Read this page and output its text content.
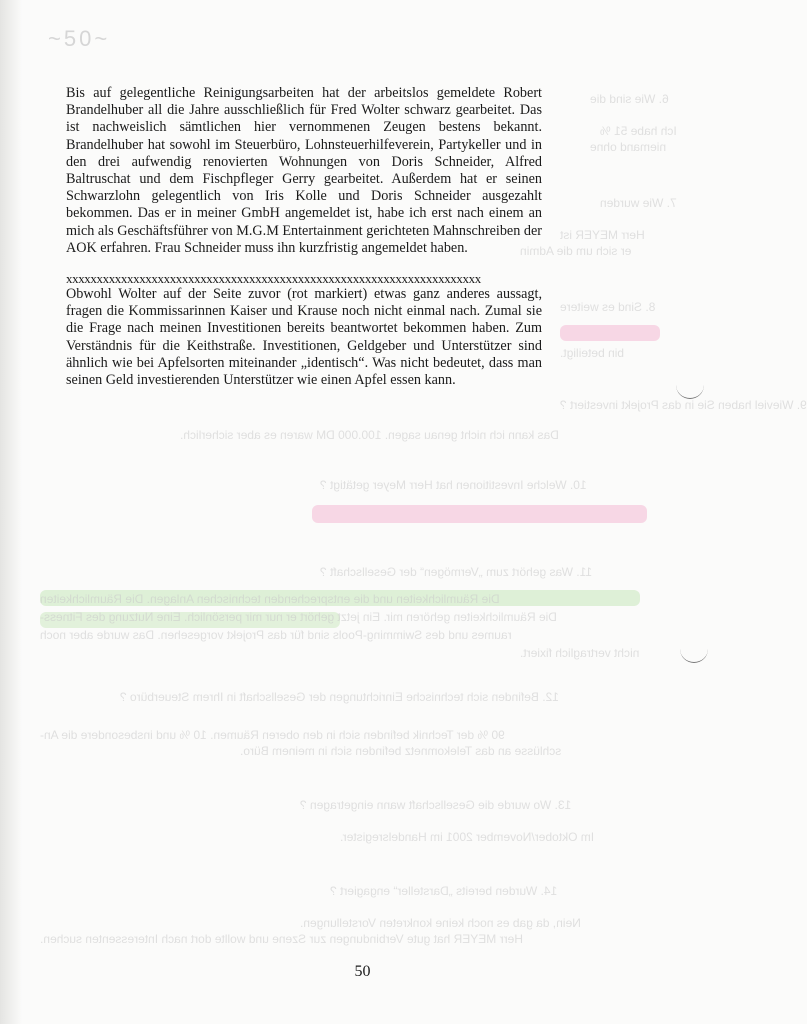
~50~
6. Wie sind die
Ich habe 51 %
niemand ohne
7. Wie wurden
Herr MEYER ist
er sich um die Admin
8. Sind es weitere
bin beteiligt.
9. Wieviel haben Sie in das Projekt investiert ?
Das kann ich nicht genau sagen. 100.000 DM waren es aber sicherlich.
10. Welche Investitionen hat Herr Meyer getätigt ?
11. Was gehört zum „Vermögen“ der Gesellschaft ?
Die Räumlichkeiten und die entsprechenden technischen Anlagen. Die Räumlichkeiten
Die Räumlichkeiten gehören mir. Ein jetzt gehört er nur mir persönlich. Eine Nutzung des Fitness-
raumes und des Swimming-Pools sind für das Projekt vorgesehen. Das wurde aber noch
nicht vertraglich fixiert.
12. Befinden sich technische Einrichtungen der Gesellschaft in Ihrem Steuerbüro ?
90 % der Technik befinden sich in den oberen Räumen. 10 % und insbesondere die An-
schlüsse an das Telekomnetz befinden sich in meinem Büro.
13. Wo wurde die Gesellschaft wann eingetragen ?
Im Oktober/November 2001 im Handelsregister.
14. Wurden bereits „Darsteller“ engagiert ?
Nein, da gab es noch keine konkreten Vorstellungen.
Herr MEYER hat gute Verbindungen zur Szene und wollte dort nach Interessenten suchen.

Bis auf gelegentliche Reinigungsarbeiten hat der arbeitslos gemeldete Robert Brandelhuber all die Jahre ausschließlich für Fred Wolter schwarz gearbeitet. Das ist nachweislich sämtlichen hier vernommenen Zeugen bestens bekannt. Brandelhuber hat sowohl im Steuerbüro, Lohnsteuerhilfeverein, Partykeller und in den drei aufwendig renovierten Wohnungen von Doris Schneider, Alfred Baltruschat und dem Fischpfleger Gerry gearbeitet. Außerdem hat er seinen Schwarzlohn gelegentlich von Iris Kolle und Doris Schneider ausgezahlt bekommen. Das er in meiner GmbH angemeldet ist, habe ich erst nach einem an mich als Geschäftsführer von M.G.M Entertainment gerichteten Mahnschreiben der AOK erfahren. Frau Schneider muss ihn kurzfristig angemeldet haben.

xxxxxxxxxxxxxxxxxxxxxxxxxxxxxxxxxxxxxxxxxxxxxxxxxxxxxxxxxxxxxxxxxxxx

Obwohl Wolter auf der Seite zuvor (rot markiert) etwas ganz anderes aussagt, fragen die Kommissarinnen Kaiser und Krause noch nicht einmal nach. Zumal sie die Frage nach meinen Investitionen bereits beantwortet bekommen haben. Zum Verständnis für die Keithstraße. Investitionen, Geldgeber und Unterstützer sind ähnlich wie bei Apfelsorten miteinander „identisch“. Was nicht bedeutet, dass man seinen Geld investierenden Unterstützer wie einen Apfel essen kann.

50
